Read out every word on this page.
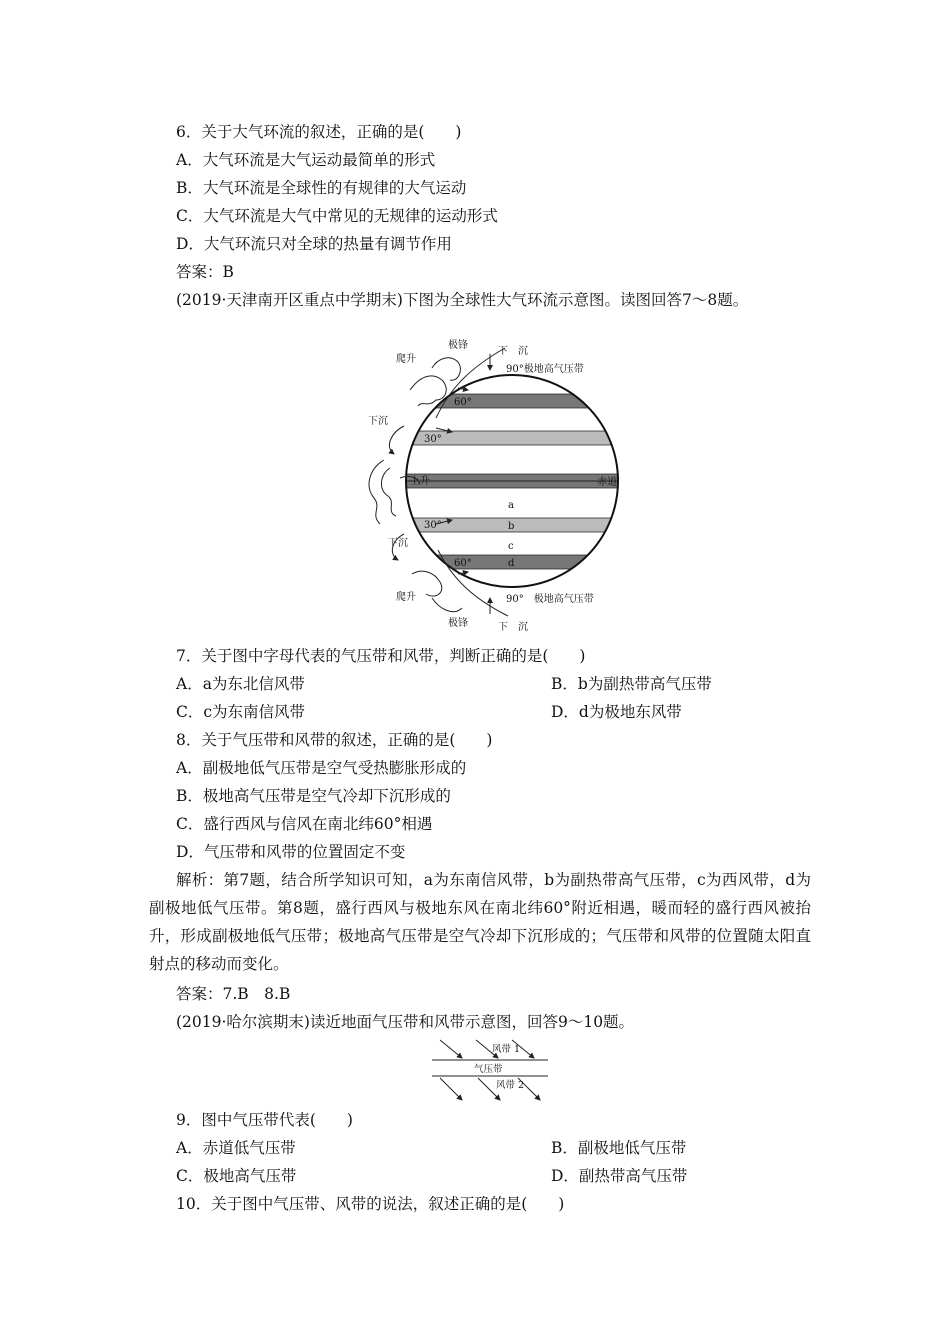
6．关于大气环流的叙述，正确的是(　　)
A．大气环流是大气运动最简单的形式
B．大气环流是全球性的有规律的大气运动
C．大气环流是大气中常见的无规律的运动形式
D．大气环流只对全球的热量有调节作用
答案：B
(2019·天津南开区重点中学期末)下图为全球性大气环流示意图。读图回答7～8题。
极锋
爬升
下　沉
90°极地高气压带
60°
下沉
30°
上升	赤道
a
30°	b
c
下沉
60°	d
爬升	90°　极地高气压带
极锋	下　沉
7．关于图中字母代表的气压带和风带，判断正确的是(　　)
A．a为东北信风带	B．b为副热带高气压带
C．c为东南信风带	D．d为极地东风带
8．关于气压带和风带的叙述，正确的是(　　)
A．副极地低气压带是空气受热膨胀形成的
B．极地高气压带是空气冷却下沉形成的
C．盛行西风与信风在南北纬60°相遇
D．气压带和风带的位置固定不变
解析：第7题，结合所学知识可知，a为东南信风带，b为副热带高气压带，c为西风带，d为副极地低气压带。第8题，盛行西风与极地东风在南北纬60°附近相遇，暖而轻的盛行西风被抬升，形成副极地低气压带；极地高气压带是空气冷却下沉形成的；气压带和风带的位置随太阳直射点的移动而变化。
答案：7.B　8.B
(2019·哈尔滨期末)读近地面气压带和风带示意图，回答9～10题。
风带 1
气压带
风带 2
9．图中气压带代表(　　)
A．赤道低气压带	B．副极地低气压带
C．极地高气压带	D．副热带高气压带
10．关于图中气压带、风带的说法，叙述正确的是(　　)
